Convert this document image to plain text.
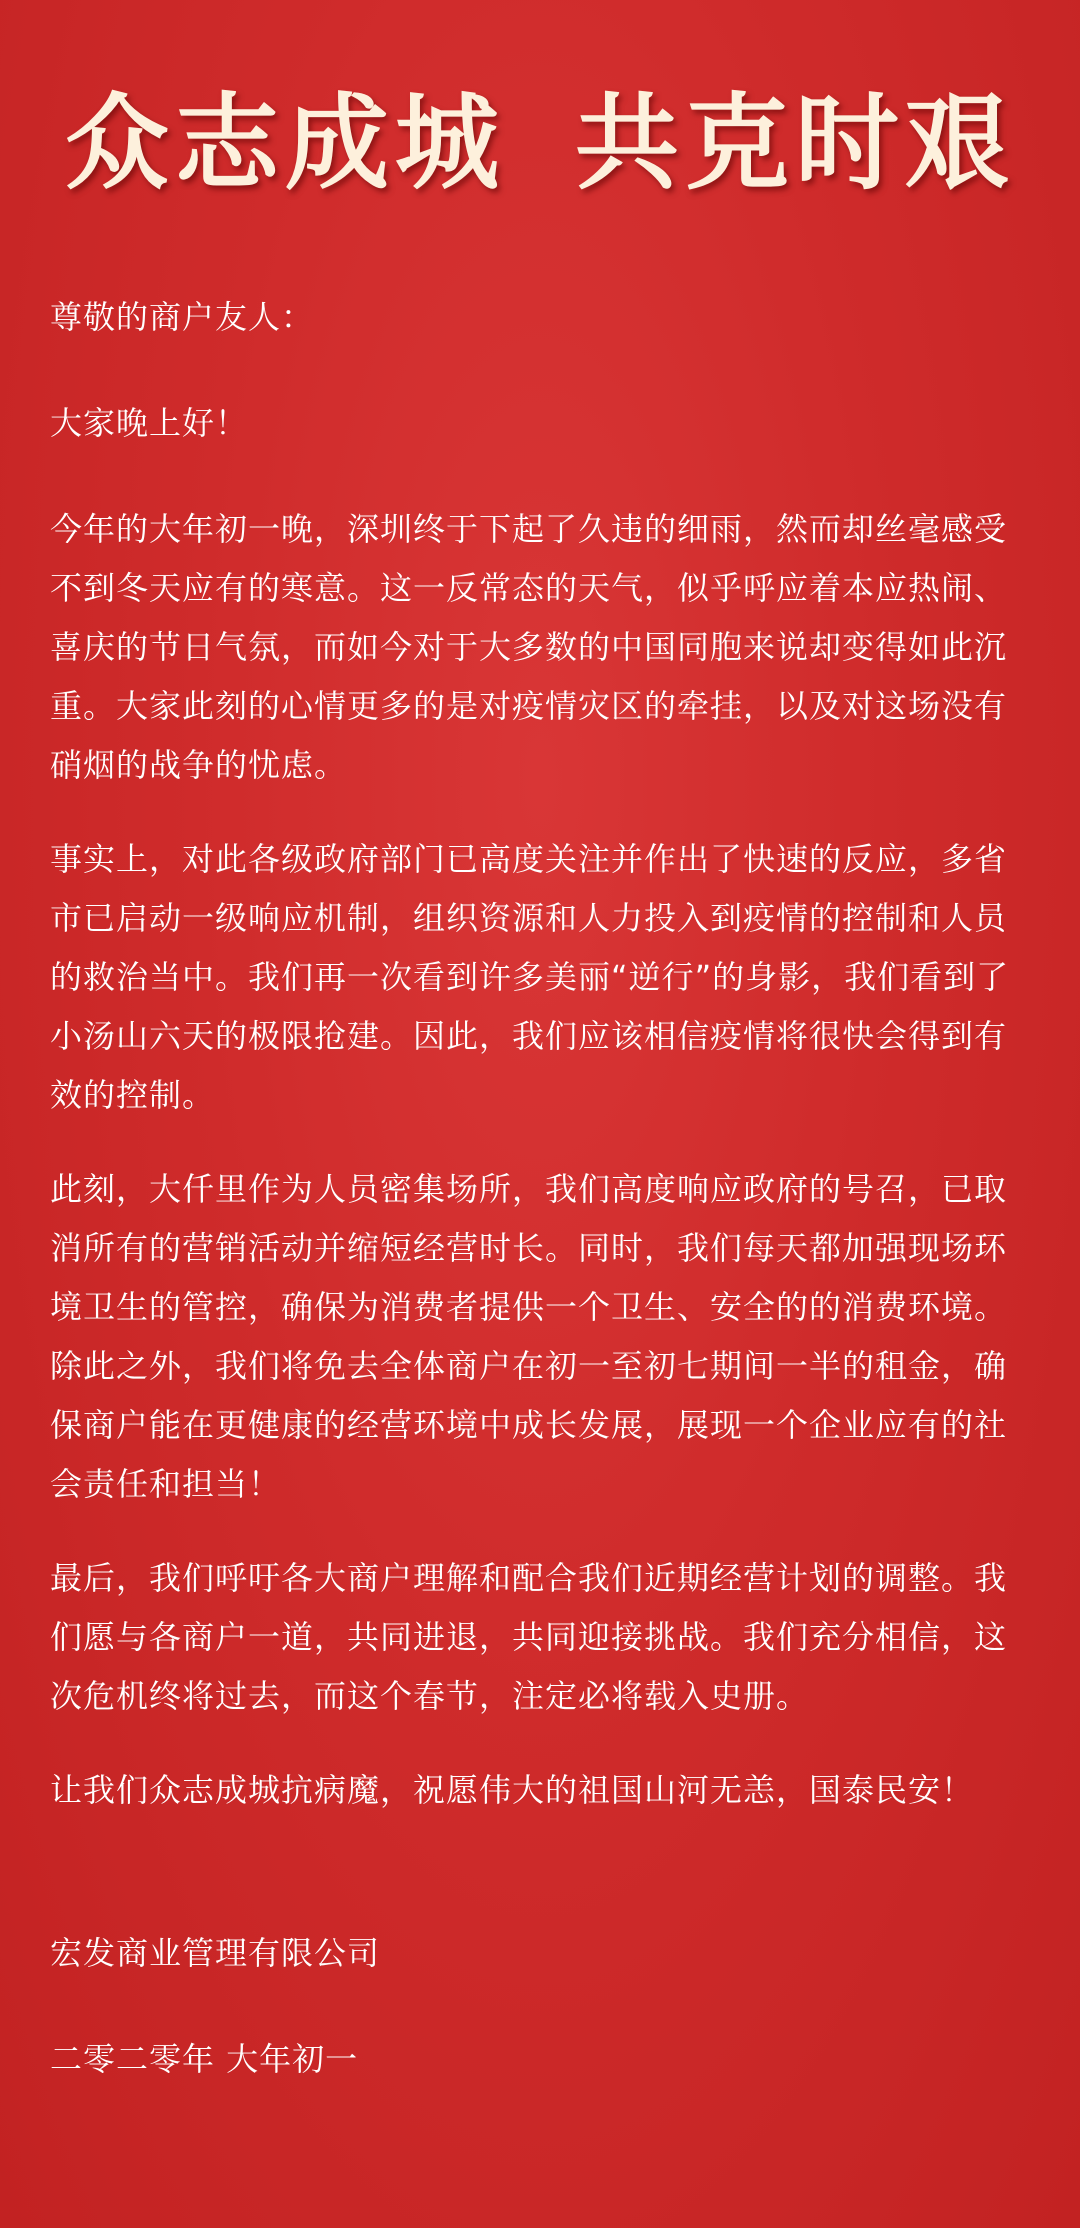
众志成城 共克时艰

尊敬的商户友人：

大家晚上好！

今年的大年初一晚，深圳终于下起了久违的细雨，然而却丝毫感受不到冬天应有的寒意。这一反常态的天气，似乎呼应着本应热闹、喜庆的节日气氛，而如今对于大多数的中国同胞来说却变得如此沉重。大家此刻的心情更多的是对疫情灾区的牵挂，以及对这场没有硝烟的战争的忧虑。

事实上，对此各级政府部门已高度关注并作出了快速的反应，多省市已启动一级响应机制，组织资源和人力投入到疫情的控制和人员的救治当中。我们再一次看到许多美丽“逆行”的身影，我们看到了小汤山六天的极限抢建。因此，我们应该相信疫情将很快会得到有效的控制。

此刻，大仟里作为人员密集场所，我们高度响应政府的号召，已取消所有的营销活动并缩短经营时长。同时，我们每天都加强现场环境卫生的管控，确保为消费者提供一个卫生、安全的的消费环境。除此之外，我们将免去全体商户在初一至初七期间一半的租金，确保商户能在更健康的经营环境中成长发展，展现一个企业应有的社会责任和担当！

最后，我们呼吁各大商户理解和配合我们近期经营计划的调整。我们愿与各商户一道，共同进退，共同迎接挑战。我们充分相信，这次危机终将过去，而这个春节，注定必将载入史册。

让我们众志成城抗病魔，祝愿伟大的祖国山河无恙，国泰民安！

宏发商业管理有限公司

二零二零年 大年初一
